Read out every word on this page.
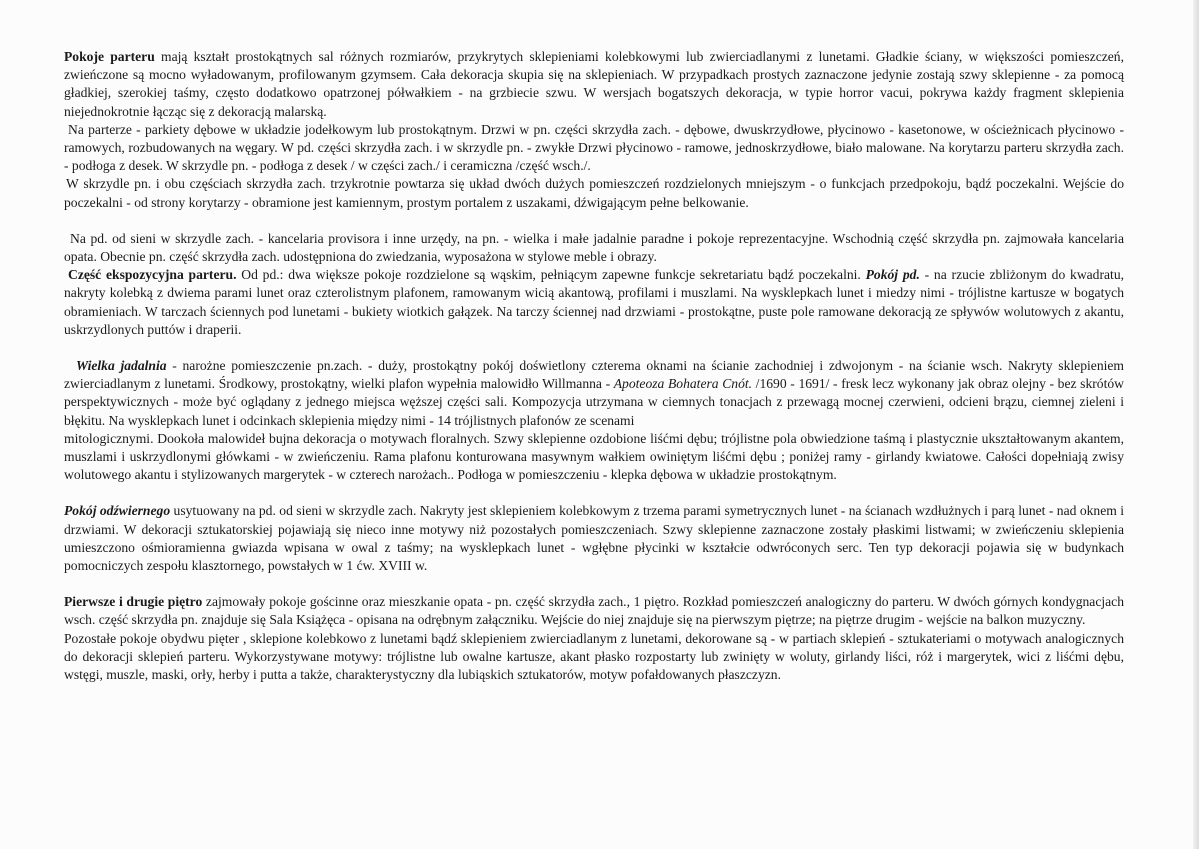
Pokoje parteru mają kształt prostokątnych sal różnych rozmiarów, przykrytych sklepieniami kolebkowymi lub zwierciadlanymi z lunetami. Gładkie ściany, w większości pomieszczeń, zwieńczone są mocno wyładowanym, profilowanym gzymsem. Cała dekoracja skupia się na sklepieniach. W przypadkach prostych zaznaczone jedynie zostają szwy sklepienne - za pomocą gładkiej, szerokiej taśmy, często dodatkowo opatrzonej półwałkiem - na grzbiecie szwu. W wersjach bogatszych dekoracja, w typie horror vacui, pokrywa każdy fragment sklepienia niejednokrotnie łącząc się z dekoracją malarską.

Na parterze - parkiety dębowe w układzie jodełkowym lub prostokątnym. Drzwi w pn. części skrzydła zach. - dębowe, dwuskrzydłowe, płycinowo - kasetonowe, w ościeżnicach płycinowo - ramowych, rozbudowanych na węgary. W pd. części skrzydła zach. i w skrzydle pn. - zwykłe Drzwi płycinowo - ramowe, jednoskrzydłowe, biało malowane. Na korytarzu parteru skrzydła zach. - podłoga z desek. W skrzydle pn. - podłoga z desek / w części zach./ i ceramiczna /część wsch./.

W skrzydle pn. i obu częściach skrzydła zach. trzykrotnie powtarza się układ dwóch dużych pomieszczeń rozdzielonych mniejszym - o funkcjach przedpokoju, bądź poczekalni. Wejście do poczekalni - od strony korytarzy - obramione jest kamiennym, prostym portalem z uszakami, dźwigającym pełne belkowanie.

Na pd. od sieni w skrzydle zach. - kancelaria provisora i inne urzędy, na pn. - wielka i małe jadalnie paradne i pokoje reprezentacyjne. Wschodnią część skrzydła pn. zajmowała kancelaria opata. Obecnie pn. część skrzydła zach. udostępniona do zwiedzania, wyposażona w stylowe meble i obrazy.

Część ekspozycyjna parteru. Od pd.: dwa większe pokoje rozdzielone są wąskim, pełniącym zapewne funkcje sekretariatu bądź poczekalni. Pokój pd. - na rzucie zbliżonym do kwadratu, nakryty kolebką z dwiema parami lunet oraz czterolistnym plafonem, ramowanym wicią akantową, profilami i muszlami. Na wysklepkach lunet i miedzy nimi - trójlistne kartusze w bogatych obramieniach. W tarczach ściennych pod lunetami - bukiety wiotkich gałązek. Na tarczy ściennej nad drzwiami - prostokątne, puste pole ramowane dekoracją ze spływów wolutowych z akantu, uskrzydlonych puttów i draperii.

Wielka jadalnia - narożne pomieszczenie pn.zach. - duży, prostokątny pokój doświetlony czterema oknami na ścianie zachodniej i zdwojonym - na ścianie wsch. Nakryty sklepieniem zwierciadlanym z lunetami. Środkowy, prostokątny, wielki plafon wypełnia malowidło Willmanna - Apoteoza Bohatera Cnót. /1690 - 1691/ - fresk lecz wykonany jak obraz olejny - bez skrótów perspektywicznych - może być oglądany z jednego miejsca węższej części sali. Kompozycja utrzymana w ciemnych tonacjach z przewagą mocnej czerwieni, odcieni brązu, ciemnej zieleni i błękitu. Na wysklepkach lunet i odcinkach sklepienia między nimi - 14 trójlistnych plafonów ze scenami

mitologicznymi. Dookoła malowideł bujna dekoracja o motywach floralnych. Szwy sklepienne ozdobione liśćmi dębu; trójlistne pola obwiedzione taśmą i plastycznie ukształtowanym akantem, muszlami i uskrzydlonymi główkami - w zwieńczeniu. Rama plafonu konturowana masywnym wałkiem owiniętym liśćmi dębu ; poniżej ramy - girlandy kwiatowe. Całości dopełniają zwisy wolutowego akantu i stylizowanych margerytek - w czterech narożach.. Podłoga w pomieszczeniu - klepka dębowa w układzie prostokątnym.

Pokój odźwiernego usytuowany na pd. od sieni w skrzydle zach. Nakryty jest sklepieniem kolebkowym z trzema parami symetrycznych lunet - na ścianach wzdłużnych i parą lunet - nad oknem i drzwiami. W dekoracji sztukatorskiej pojawiają się nieco inne motywy niż pozostałych pomieszczeniach. Szwy sklepienne zaznaczone zostały płaskimi listwami; w zwieńczeniu sklepienia umieszczono ośmioramienna gwiazda wpisana w owal z taśmy; na wysklepkach lunet - wgłębne płycinki w kształcie odwróconych serc. Ten typ dekoracji pojawia się w budynkach pomocniczych zespołu klasztornego, powstałych w 1 ćw. XVIII w.

Pierwsze i drugie piętro zajmowały pokoje gościnne oraz mieszkanie opata - pn. część skrzydła zach., 1 piętro. Rozkład pomieszczeń analogiczny do parteru. W dwóch górnych kondygnacjach wsch. część skrzydła pn. znajduje się Sala Książęca - opisana na odrębnym załączniku. Wejście do niej znajduje się na pierwszym piętrze; na piętrze drugim - wejście na balkon muzyczny.

Pozostałe pokoje obydwu pięter , sklepione kolebkowo z lunetami bądź sklepieniem zwierciadlanym z lunetami, dekorowane są - w partiach sklepień - sztukateriami o motywach analogicznych do dekoracji sklepień parteru. Wykorzystywane motywy: trójlistne lub owalne kartusze, akant płasko rozpostarty lub zwinięty w woluty, girlandy liści, róż i margerytek, wici z liśćmi dębu, wstęgi, muszle, maski, orły, herby i putta a także, charakterystyczny dla lubiąskich sztukatorów, motyw pofałdowanych płaszczyzn.
